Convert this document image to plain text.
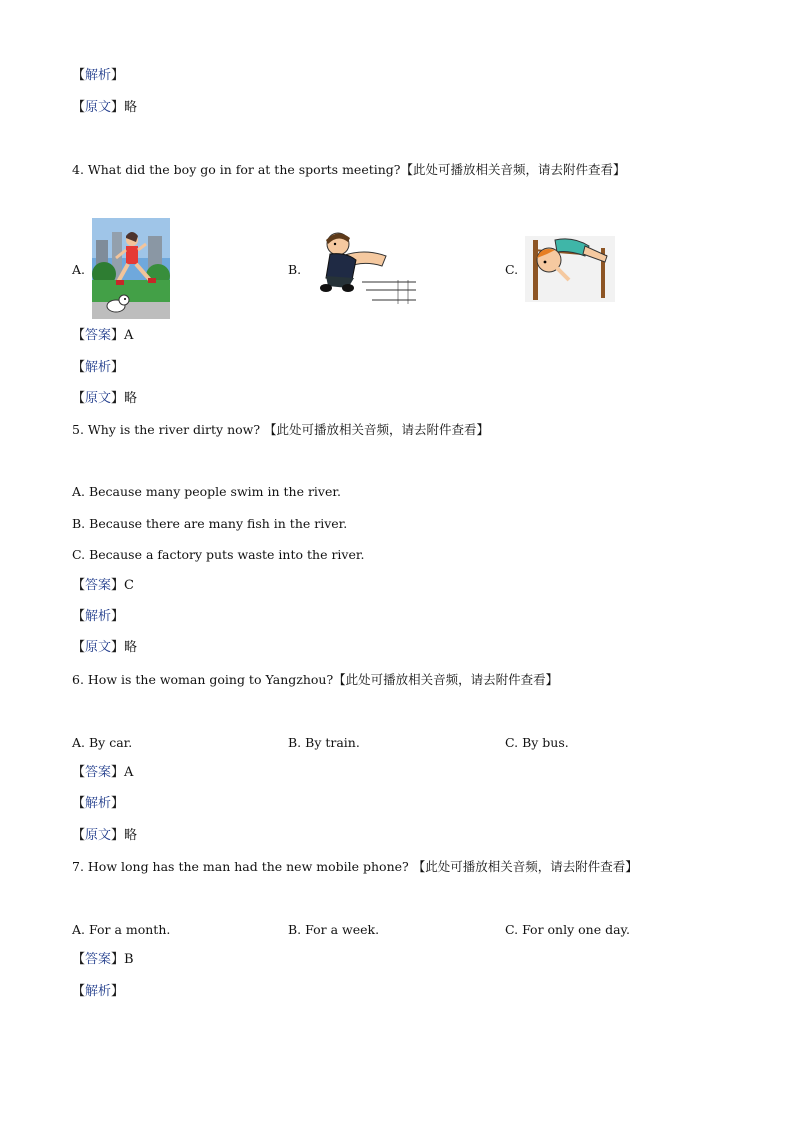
【解析】
【原文】略
4. What did the boy go in for at the sports meeting?【此处可播放相关音频，请去附件查看】
A.	B.	C.
【答案】A
【解析】
【原文】略
5. Why is the river dirty now? 【此处可播放相关音频，请去附件查看】
A. Because many people swim in the river.
B. Because there are many fish in the river.
C. Because a factory puts waste into the river.
【答案】C
【解析】
【原文】略
6. How is the woman going to Yangzhou?【此处可播放相关音频，请去附件查看】
A. By car.	B. By train.	C. By bus.
【答案】A
【解析】
【原文】略
7. How long has the man had the new mobile phone? 【此处可播放相关音频，请去附件查看】
A. For a month.	B. For a week.	C. For only one day.
【答案】B
【解析】
